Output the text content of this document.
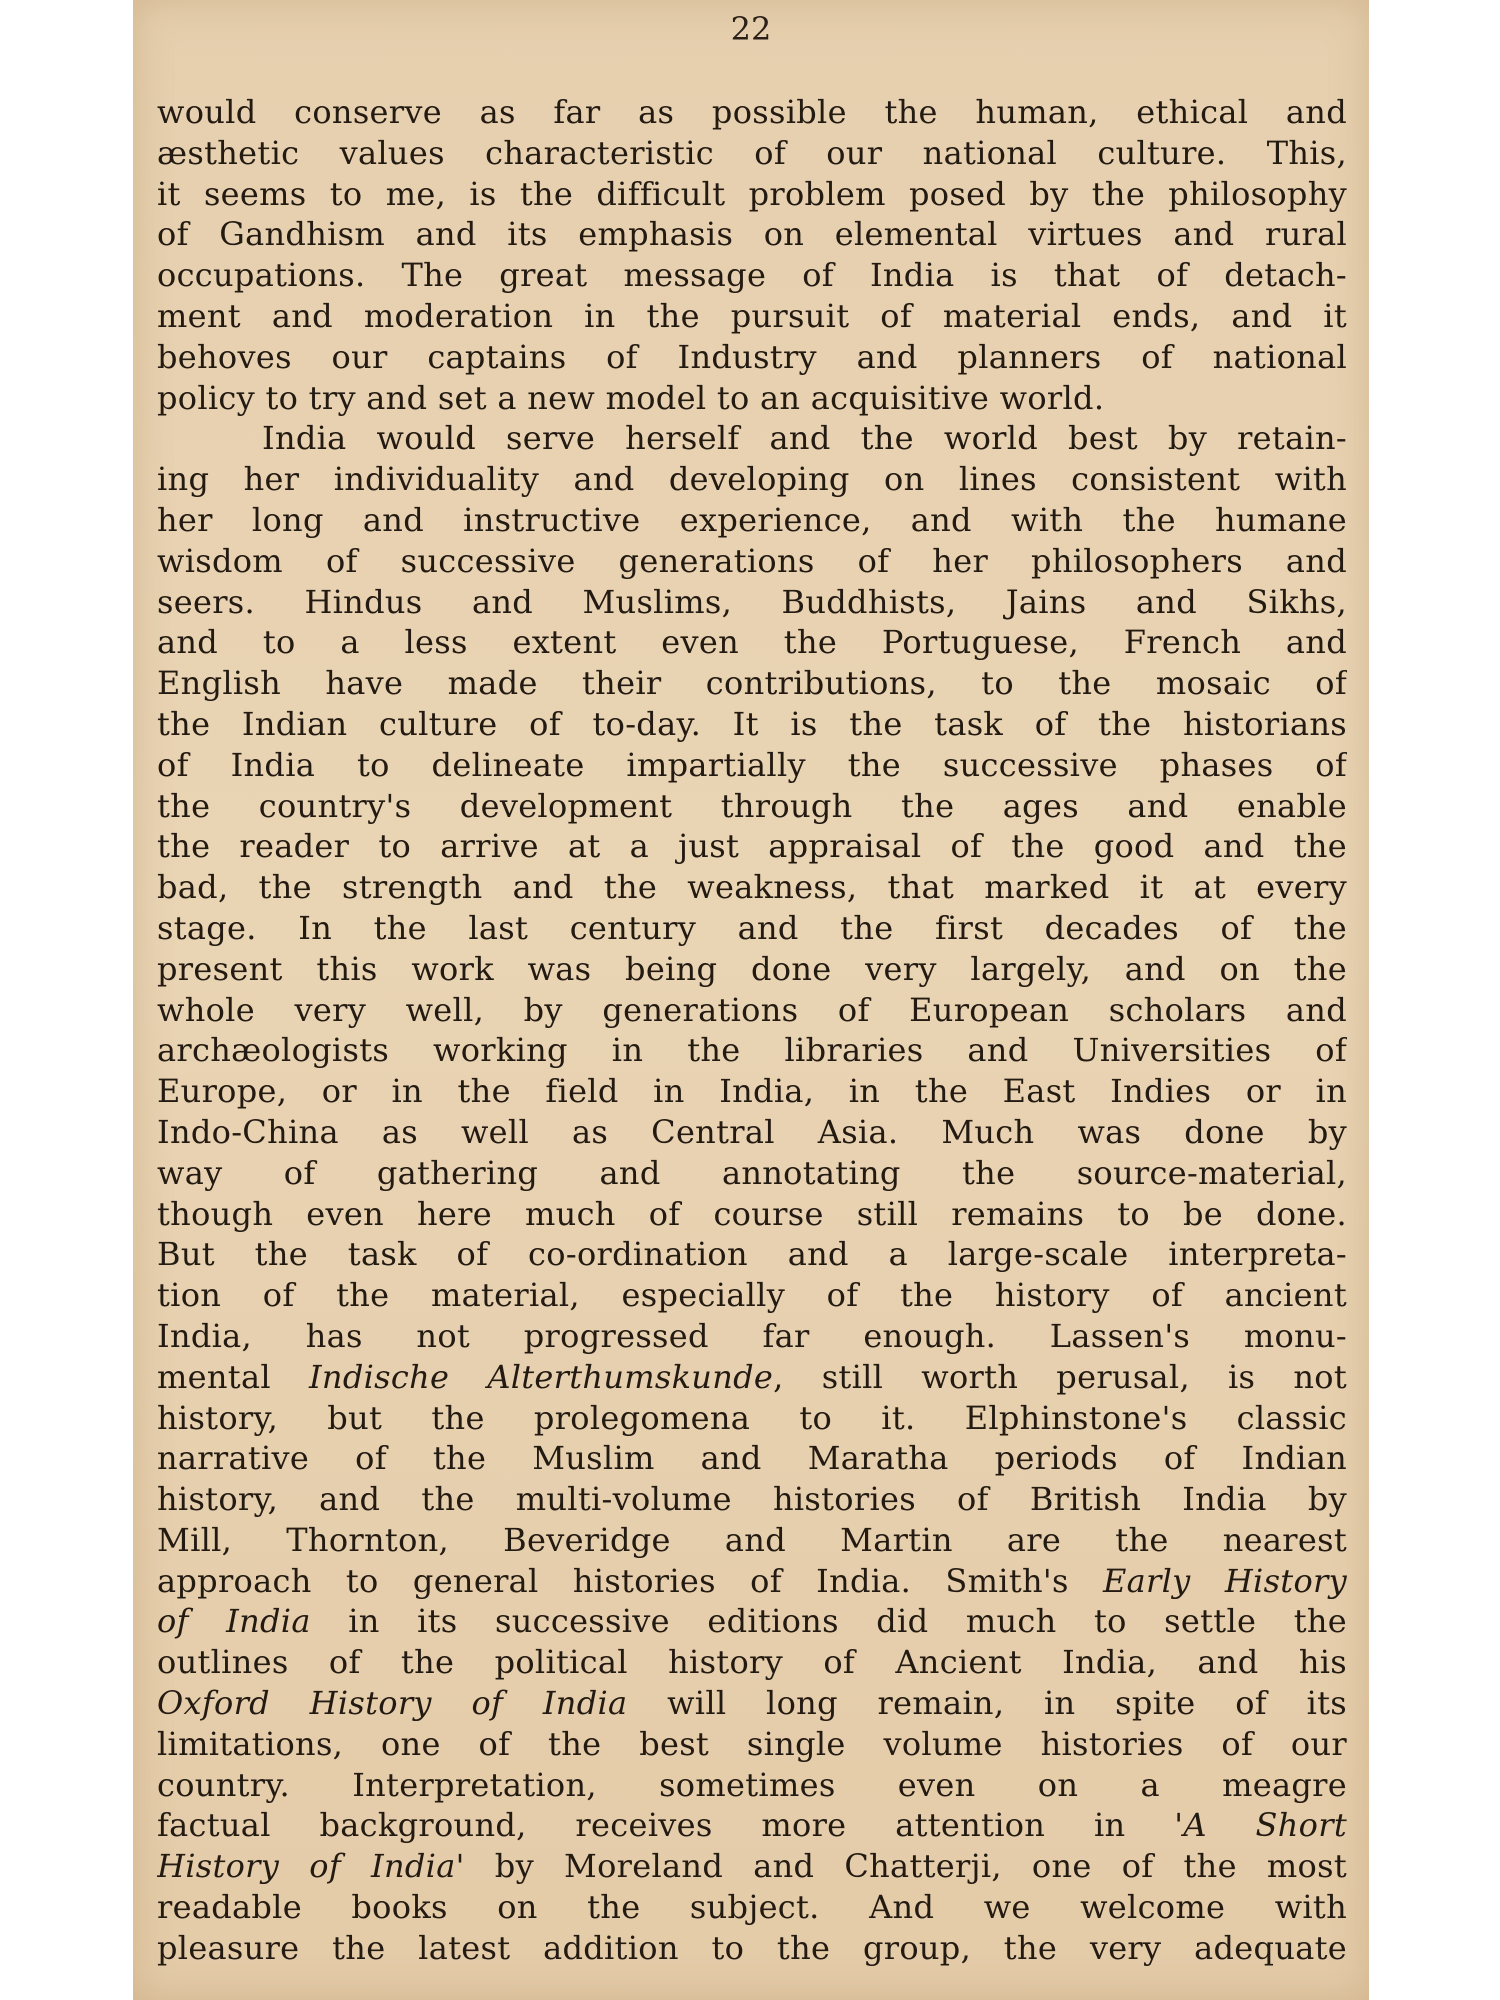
22
would conserve as far as possible the human, ethical and
æsthetic values characteristic of our national culture. This,
it seems to me, is the difficult problem posed by the philosophy
of Gandhism and its emphasis on elemental virtues and rural
occupations. The great message of India is that of detach-
ment and moderation in the pursuit of material ends, and it
behoves our captains of Industry and planners of national
policy to try and set a new model to an acquisitive world.
India would serve herself and the world best by retain-
ing her individuality and developing on lines consistent with
her long and instructive experience, and with the humane
wisdom of successive generations of her philosophers and
seers. Hindus and Muslims, Buddhists, Jains and Sikhs,
and to a less extent even the Portuguese, French and
English have made their contributions, to the mosaic of
the Indian culture of to-day. It is the task of the historians
of India to delineate impartially the successive phases of
the country's development through the ages and enable
the reader to arrive at a just appraisal of the good and the
bad, the strength and the weakness, that marked it at every
stage. In the last century and the first decades of the
present this work was being done very largely, and on the
whole very well, by generations of European scholars and
archæologists working in the libraries and Universities of
Europe, or in the field in India, in the East Indies or in
Indo-China as well as Central Asia. Much was done by
way of gathering and annotating the source-material,
though even here much of course still remains to be done.
But the task of co-ordination and a large-scale interpreta-
tion of the material, especially of the history of ancient
India, has not progressed far enough. Lassen's monu-
mental Indische Alterthumskunde, still worth perusal, is not
history, but the prolegomena to it. Elphinstone's classic
narrative of the Muslim and Maratha periods of Indian
history, and the multi-volume histories of British India by
Mill, Thornton, Beveridge and Martin are the nearest
approach to general histories of India. Smith's Early History
of India in its successive editions did much to settle the
outlines of the political history of Ancient India, and his
Oxford History of India will long remain, in spite of its
limitations, one of the best single volume histories of our
country. Interpretation, sometimes even on a meagre
factual background, receives more attention in 'A Short
History of India' by Moreland and Chatterji, one of the most
readable books on the subject. And we welcome with
pleasure the latest addition to the group, the very adequate
